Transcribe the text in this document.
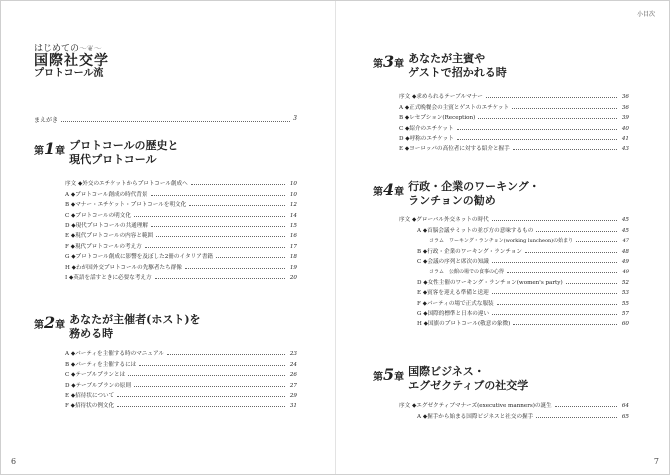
小目次
6	7
はじめての
国際社交学
プロトコール流
〜❦〜
まえがき	3
第1章 プロトコールの歴史と
現代プロトコール
序文 ◆外交のエチケットからプロトコール創成へ	10
A ◆プロトコール創成の時代背景	10
B ◆マナー・エチケット・プロトコールを明文化	12
C ◆プロトコールの明文化	14
D ◆現代プロトコールの共通理解	15
E ◆現代プロトコールの内容と範囲	16
F ◆現代プロトコールの考え方	17
G ◆プロトコール創成に影響を及ぼした2冊のイタリア書籍	18
H ◆わが国外交プロトコールの先駆者たち群像	19
I ◆英語を話すときに必要な考え方	20
第2章 あなたが主催者(ホスト)を
務める時
A ◆パーティを主催する時のマニュアル	23
B ◆パーティを主催するには	24
C ◆テーブルプランとは	26
D ◆テーブルプランの原則	27
E ◆招待状について	29
F ◆招待状の例文化	31
第3章 あなたが主賓や
ゲストで招かれる時
序文 ◆求められるテーブルマナー	36
A ◆正式晩餐会の主賓とゲストのエチケット	36
B ◆レセプション(Reception)	39
C ◆紹介のエチケット	40
D ◆呼称のエチケット	41
E ◆ヨーロッパの高位者に対する紹介と握手	43
第4章 行政・企業のワーキング・
ランチョンの勧め
序文 ◆グローバル外交ネットの時代	45
A ◆首脳会議サミットの並び方の意味するもの	45
コラム　ワーキング・ランチョン(working luncheon)の始まり	47
B ◆行政・企業のワーキング・ランチョン	48
C ◆会議の序列と席次の知識	49
コラム　公館の場での食事の心得	49
D ◆女性主催のワーキング・ランチョン(women's party)	52
E ◆賓客を迎える準備と送迎	53
F ◆パーティの場で正式な服装	55
G ◆国際的標準と日本の違い	57
H ◆国旗のプロトコール(敬意の象徴)	60
第5章 国際ビジネス・
エグゼクティブの社交学
序文 ◆エグゼクティブマナーズ(executive manners)の誕生	64
A ◆握手から始まる国際ビジネスと社交の握手	65
